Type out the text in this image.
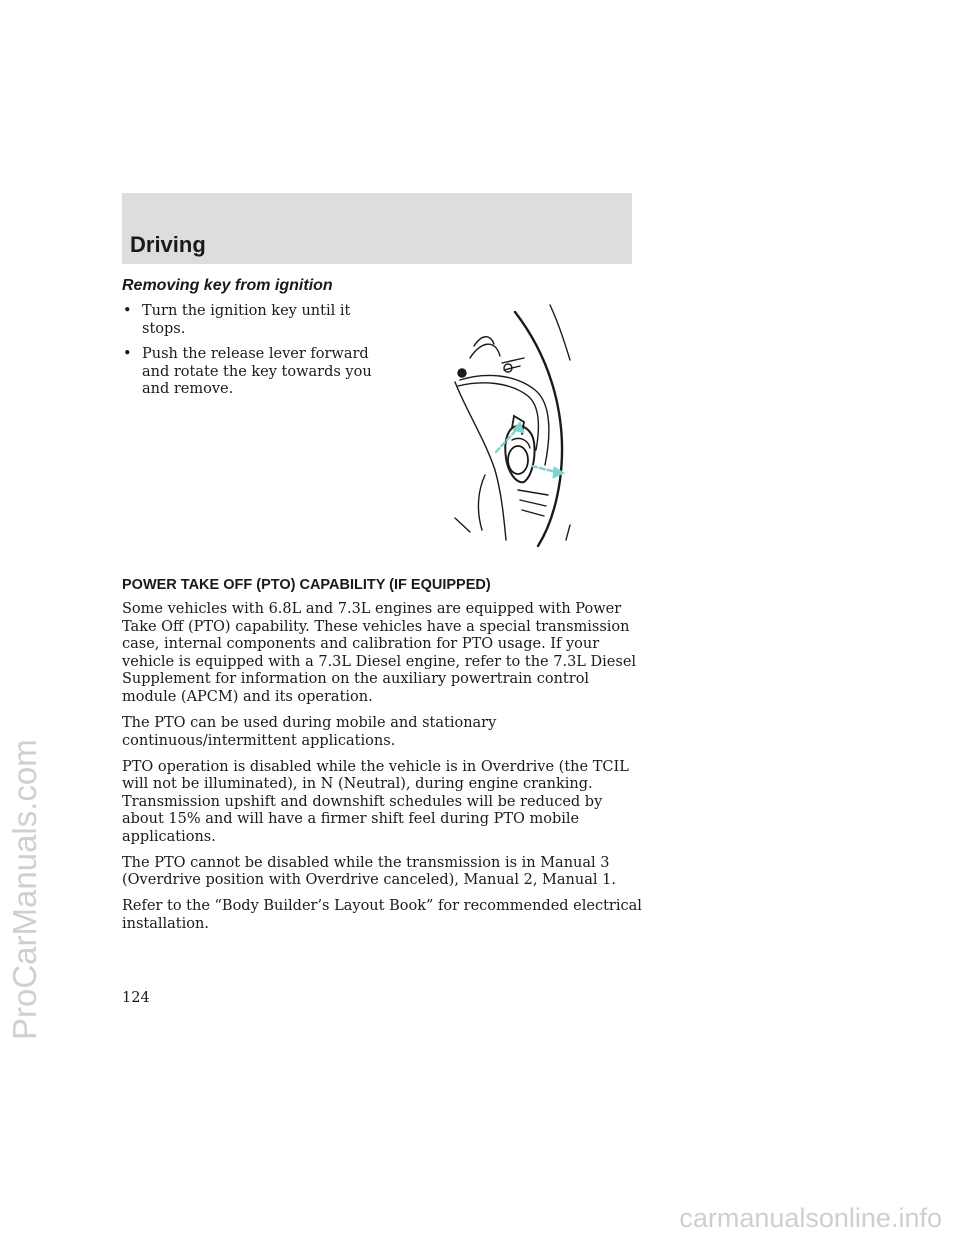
Driving
Removing key from ignition
• Turn the ignition key until it stops.
• Push the release lever forward and rotate the key towards you and remove.
POWER TAKE OFF (PTO) CAPABILITY (IF EQUIPPED)

Some vehicles with 6.8L and 7.3L engines are equipped with Power Take Off (PTO) capability. These vehicles have a special transmission case, internal components and calibration for PTO usage. If your vehicle is equipped with a 7.3L Diesel engine, refer to the 7.3L Diesel Supplement for information on the auxiliary powertrain control module (APCM) and its operation.

The PTO can be used during mobile and stationary continuous/intermittent applications.

PTO operation is disabled while the vehicle is in Overdrive (the TCIL will not be illuminated), in N (Neutral), during engine cranking. Transmission upshift and downshift schedules will be reduced by about 15% and will have a firmer shift feel during PTO mobile applications.

The PTO cannot be disabled while the transmission is in Manual 3 (Overdrive position with Overdrive canceled), Manual 2, Manual 1.

Refer to the “Body Builder’s Layout Book” for recommended electrical installation.

124

ProCarManuals.com

carmanualsonline.info
